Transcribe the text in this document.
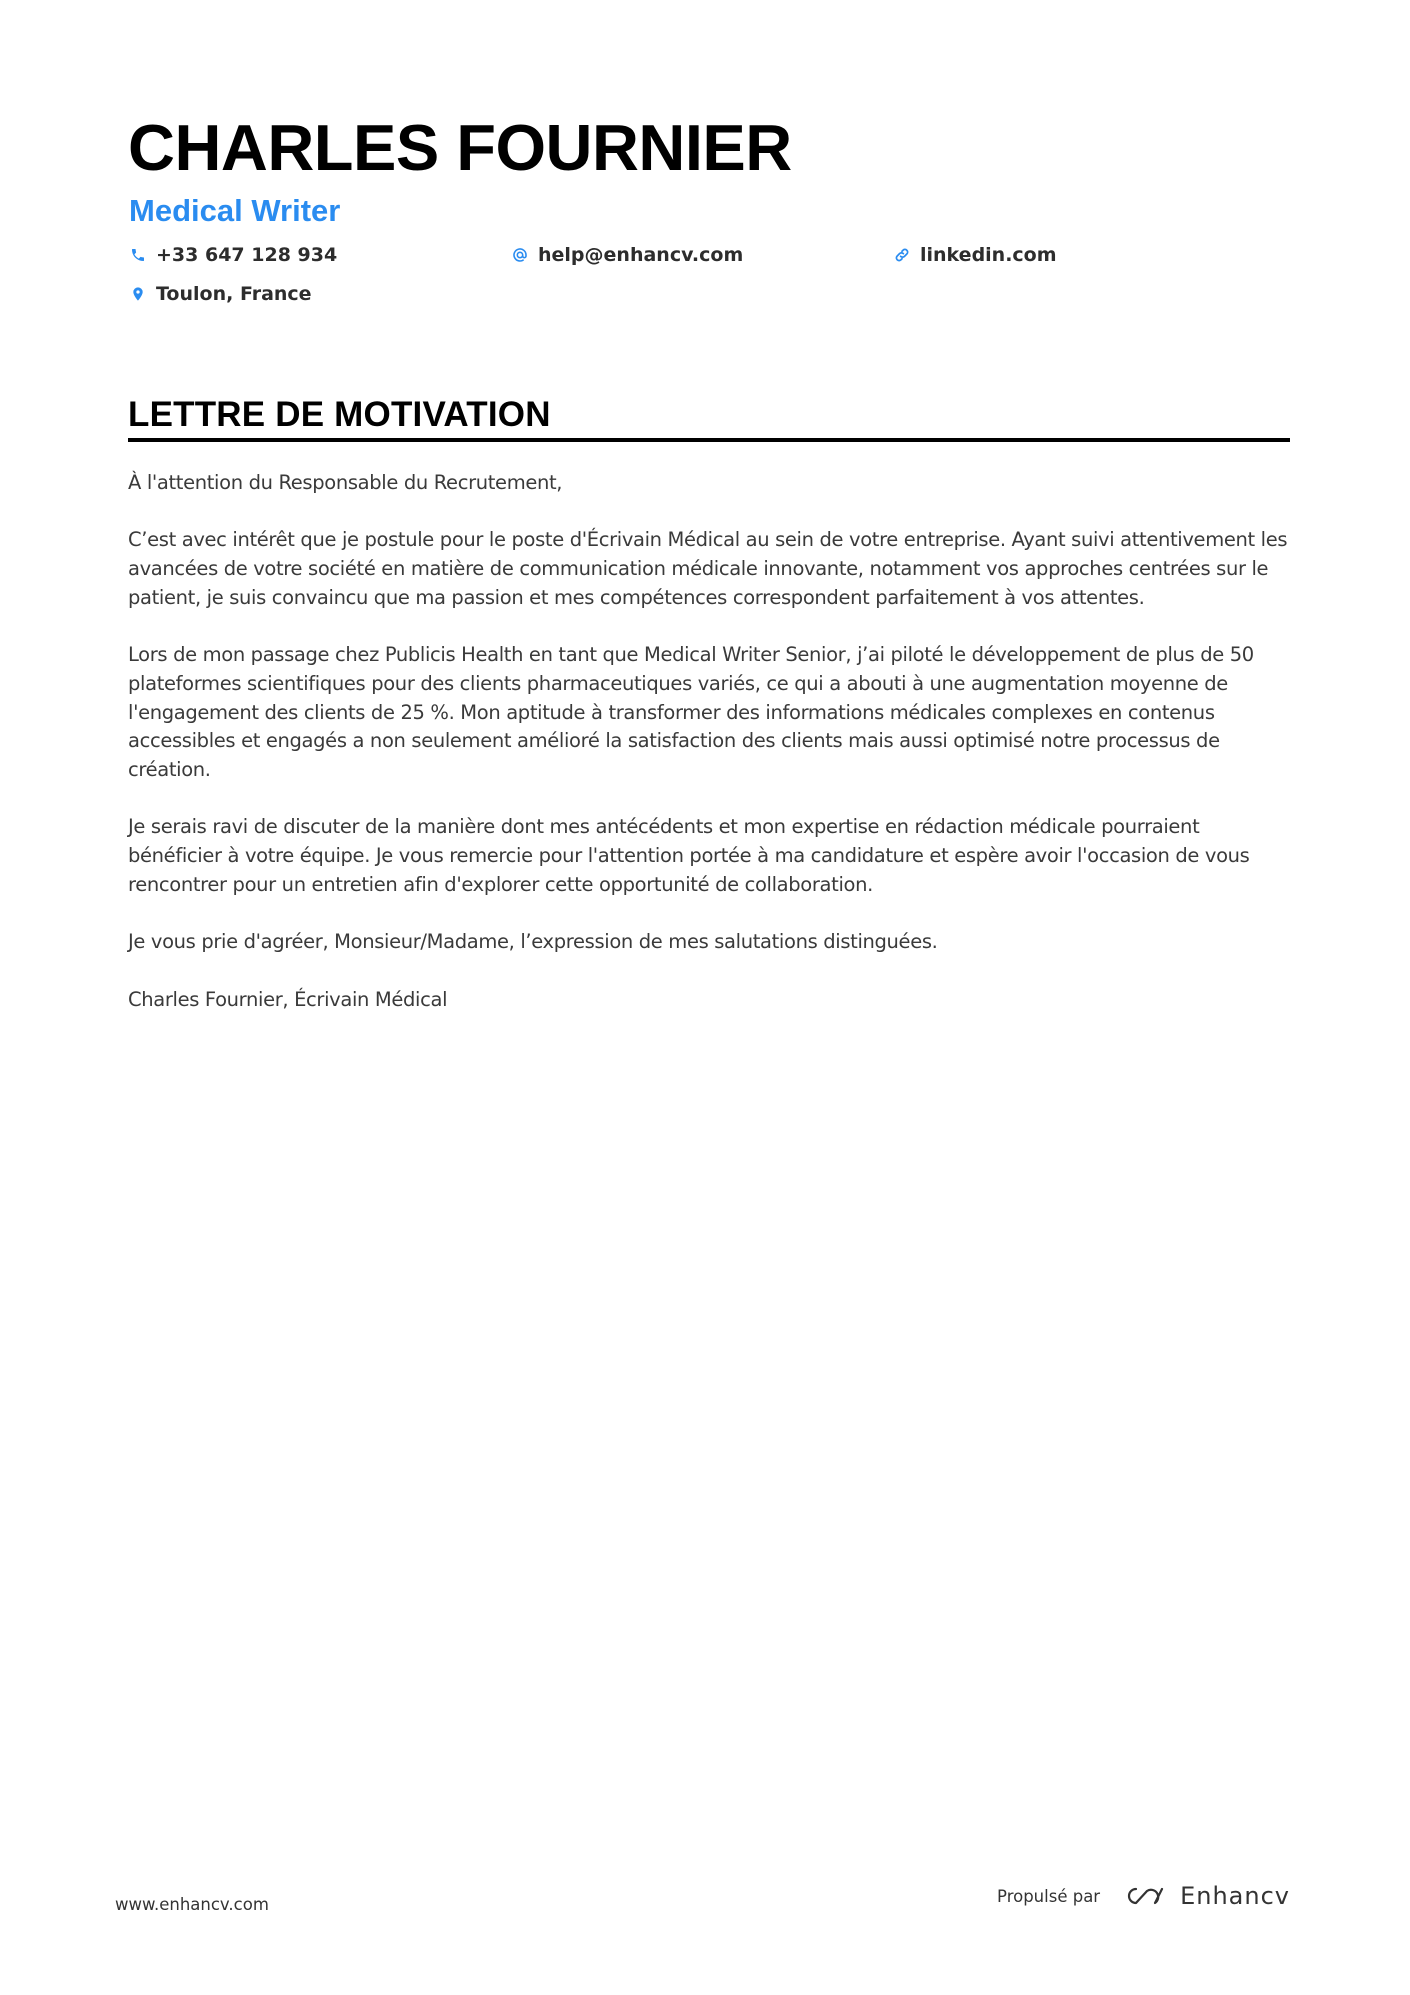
CHARLES FOURNIER
Medical Writer
+33 647 128 934	help@enhancv.com	linkedin.com
Toulon, France
LETTRE DE MOTIVATION

À l'attention du Responsable du Recrutement,

C’est avec intérêt que je postule pour le poste d'Écrivain Médical au sein de votre entreprise. Ayant suivi attentivement les avancées de votre société en matière de communication médicale innovante, notamment vos approches centrées sur le patient, je suis convaincu que ma passion et mes compétences correspondent parfaitement à vos attentes.

Lors de mon passage chez Publicis Health en tant que Medical Writer Senior, j’ai piloté le développement de plus de 50 plateformes scientifiques pour des clients pharmaceutiques variés, ce qui a abouti à une augmentation moyenne de l'engagement des clients de 25 %. Mon aptitude à transformer des informations médicales complexes en contenus accessibles et engagés a non seulement amélioré la satisfaction des clients mais aussi optimisé notre processus de création.

Je serais ravi de discuter de la manière dont mes antécédents et mon expertise en rédaction médicale pourraient bénéficier à votre équipe. Je vous remercie pour l'attention portée à ma candidature et espère avoir l'occasion de vous rencontrer pour un entretien afin d'explorer cette opportunité de collaboration.

Je vous prie d'agréer, Monsieur/Madame, l’expression de mes salutations distinguées.

Charles Fournier, Écrivain Médical

www.enhancv.com	Propulsé par	Enhancv
